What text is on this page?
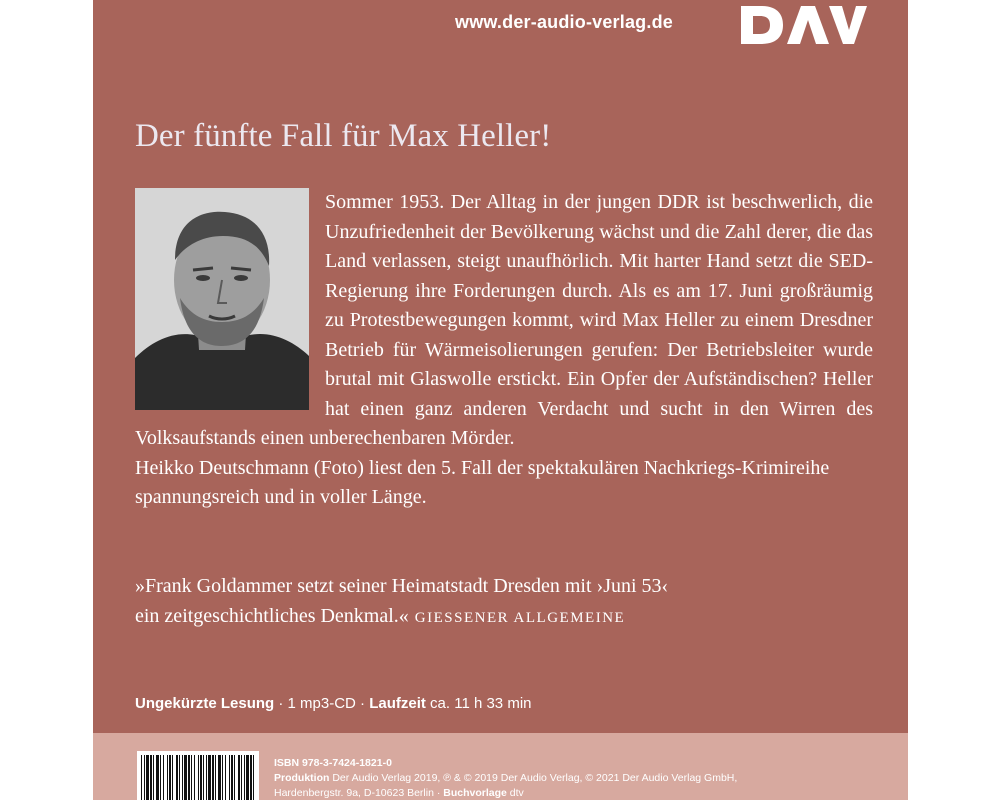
www.der-audio-verlag.de
Der fünfte Fall für Max Heller!
Sommer 1953. Der Alltag in der jungen DDR ist beschwerlich, die Unzufriedenheit der Bevölkerung wächst und die Zahl derer, die das Land verlassen, steigt unaufhörlich. Mit harter Hand setzt die SED-Regierung ihre Forderungen durch. Als es am 17. Juni großräumig zu Protestbewegungen kommt, wird Max Heller zu einem Dresdner Betrieb für Wärmeisolierungen gerufen: Der Betriebsleiter wurde brutal mit Glaswolle erstickt. Ein Opfer der Aufständischen? Heller hat einen ganz anderen Verdacht und sucht in den Wirren des Volksaufstands einen unberechenbaren Mörder.
Heikko Deutschmann (Foto) liest den 5. Fall der spektakulären Nachkriegs-Krimireihe spannungsreich und in voller Länge.
»Frank Goldammer setzt seiner Heimatstadt Dresden mit ›Juni 53‹
ein zeitgeschichtliches Denkmal.« GIESSENER ALLGEMEINE
Ungekürzte Lesung · 1 mp3-CD · Laufzeit ca. 11 h 33 min
ISBN 978-3-7424-1821-0
Produktion Der Audio Verlag 2019, ℗ & © 2019 Der Audio Verlag, © 2021 Der Audio Verlag GmbH,
Hardenbergstr. 9a, D-10623 Berlin · Buchvorlage dtv
